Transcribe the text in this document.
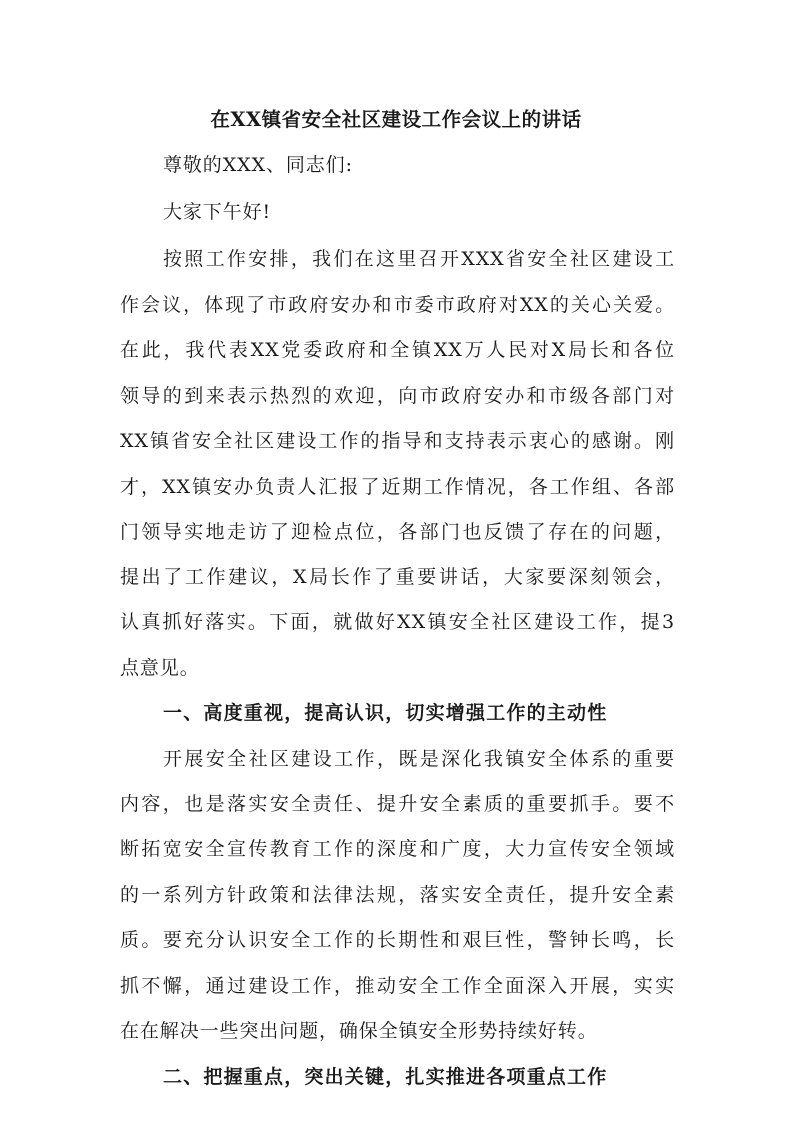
在XX镇省安全社区建设工作会议上的讲话
尊敬的XXX、同志们:
大家下午好!
按照工作安排，我们在这里召开XXX省安全社区建设工
作会议，体现了市政府安办和市委市政府对XX的关心关爱。
在此，我代表XX党委政府和全镇XX万人民对X局长和各位
领导的到来表示热烈的欢迎，向市政府安办和市级各部门对
XX镇省安全社区建设工作的指导和支持表示衷心的感谢。刚
才，XX镇安办负责人汇报了近期工作情况，各工作组、各部
门领导实地走访了迎检点位，各部门也反馈了存在的问题，
提出了工作建议，X局长作了重要讲话，大家要深刻领会，
认真抓好落实。下面，就做好XX镇安全社区建设工作，提3
点意见。
一、高度重视，提高认识，切实增强工作的主动性
开展安全社区建设工作，既是深化我镇安全体系的重要
内容，也是落实安全责任、提升安全素质的重要抓手。要不
断拓宽安全宣传教育工作的深度和广度，大力宣传安全领域
的一系列方针政策和法律法规，落实安全责任，提升安全素
质。要充分认识安全工作的长期性和艰巨性，警钟长鸣，长
抓不懈，通过建设工作，推动安全工作全面深入开展，实实
在在解决一些突出问题，确保全镇安全形势持续好转。
二、把握重点，突出关键，扎实推进各项重点工作
